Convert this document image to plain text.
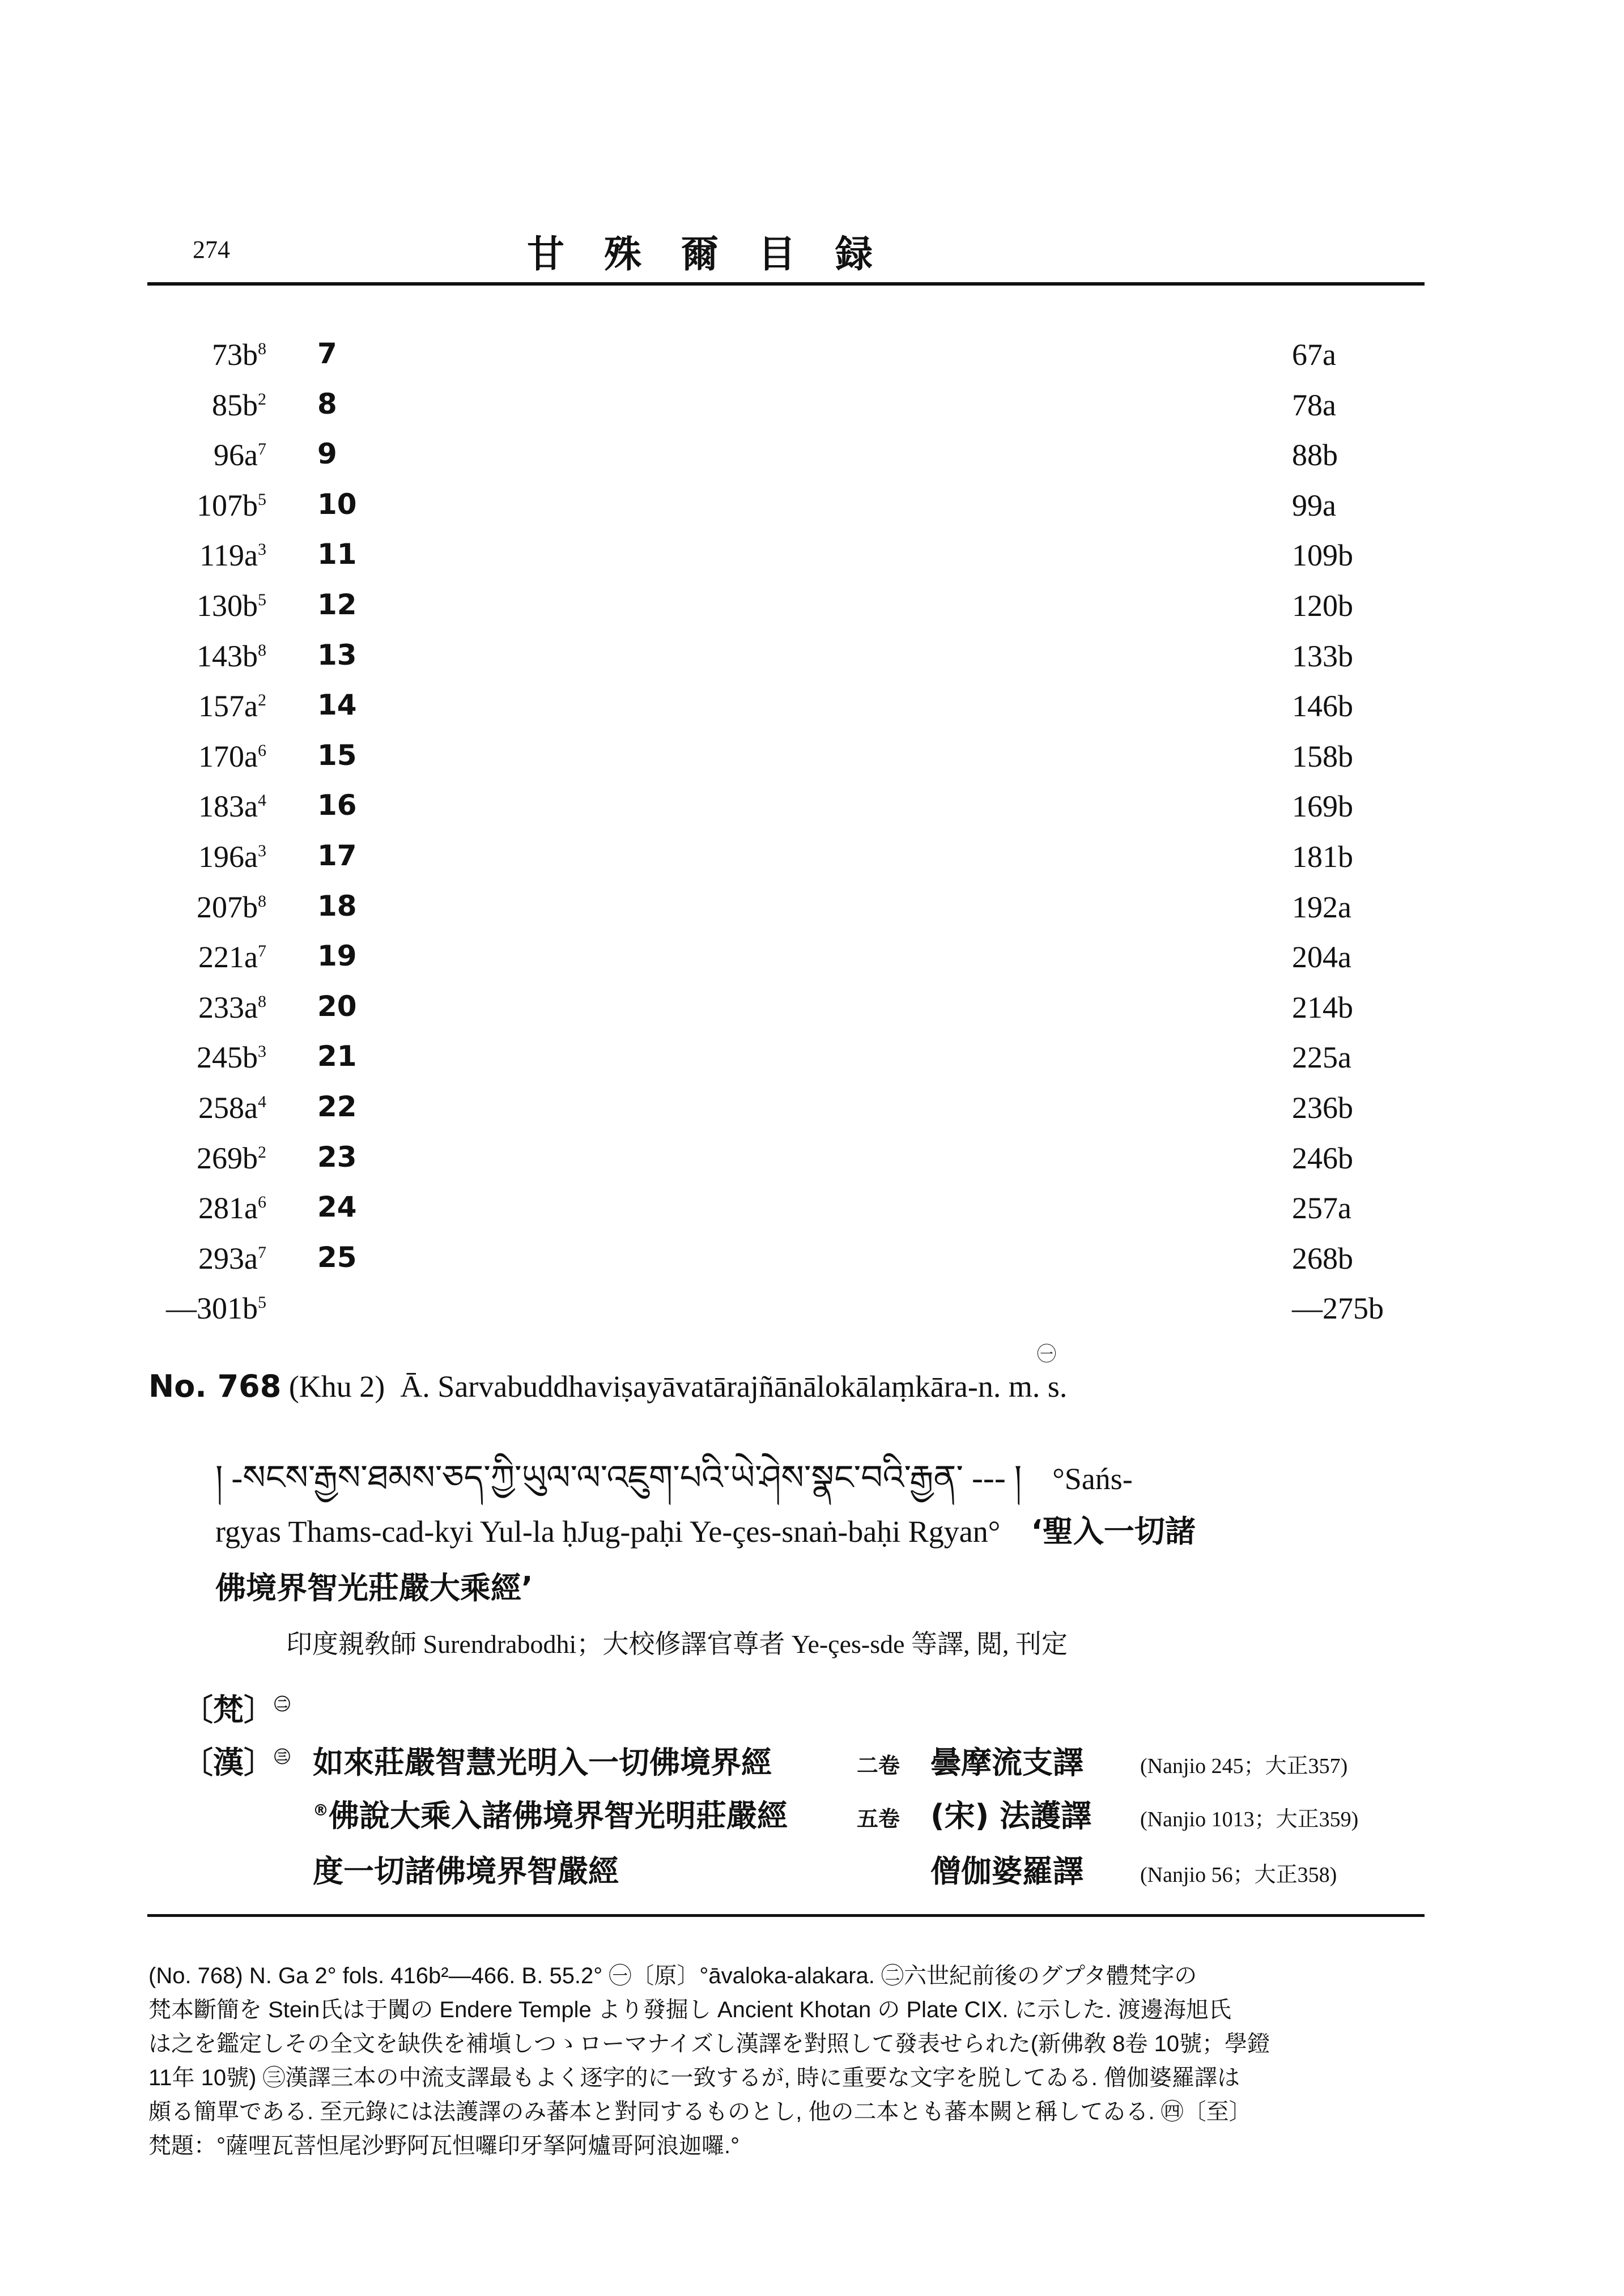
274	甘殊爾目録
$73b^8$ 7	67a
$85b^2$ 8	78a
$96a^7$ 9	88b
$107b^5$ 10	99a
$119a^3$ 11	109b
$130b^5$ 12	120b
$143b^8$ 13	133b
$157a^2$ 14	146b
$170a^6$ 15	158b
$183a^4$ 16	169b
$196a^3$ 17	181b
$207b^8$ 18	192a
$221a^7$ 19	204a
$233a^8$ 20	214b
$245b^3$ 21	225a
$258a^4$ 22	236b
$269b^2$ 23	246b
$281a^6$ 24	257a
$293a^7$ 25	268b
$—301b^5$	—275b
㊀
No. 768 (Khu 2) Ā. Sarvabuddhaviṣayāvatārajñānālokālaṃkāra-n. m. s.
། -སངས་རྒྱས་ཐམས་ཅད་ཀྱི་ཡུལ་ལ་འཇུག་པའི་ཡེ་ཤེས་སྣང་བའི་རྒྱན་ --- ། °Sańs-
rgyas Thams-cad-kyi Yul-la ḥJug-paḥi Ye-çes-snaṅ-baḥi Rgyan° ‘聖入一切諸
佛境界智光莊嚴大乘經’
印度親敎師 Surendrabodhi；大校修譯官尊者 Ye-çes-sde 等譯, 閲, 刊定
〔梵〕$^㊁$
〔漢〕$^㊂$ 如來莊嚴智慧光明入一切佛境界經	二卷 曇摩流支譯	(Nanjio 245；大正357)
®佛說大乘入諸佛境界智光明莊嚴經	五卷 (宋) 法護譯	(Nanjio 1013；大正359)
度一切諸佛境界智嚴經	僧伽婆羅譯	(Nanjio 56；大正358)
(No. 768) N. Ga 2° fols. 416b²—466. B. 55.2° ㊀〔原〕°āvaloka-alakara. ㊁六世紀前後のグプタ體梵字の
梵本斷簡を Stein氏は于闐の Endere Temple より發掘し Ancient Khotan の Plate CIX. に示した. 渡邊海旭氏
は之を鑑定しその全文を缺佚を補塡しつゝローマナイズし漢譯を對照して發表せられた(新佛敎 8卷 10號；學鐙
11年 10號) ㊂漢譯三本の中流支譯最もよく逐字的に一致するが, 時に重要な文字を脱してゐる. 僧伽婆羅譯は
頗る簡單である. 至元錄には法護譯のみ蕃本と對同するものとし, 他の二本とも蕃本闕と稱してゐる. ㊃〔至〕
梵題：°薩哩瓦菩怛尾沙野阿瓦怛囉印牙拏阿爐哥阿浪迦囉.°
